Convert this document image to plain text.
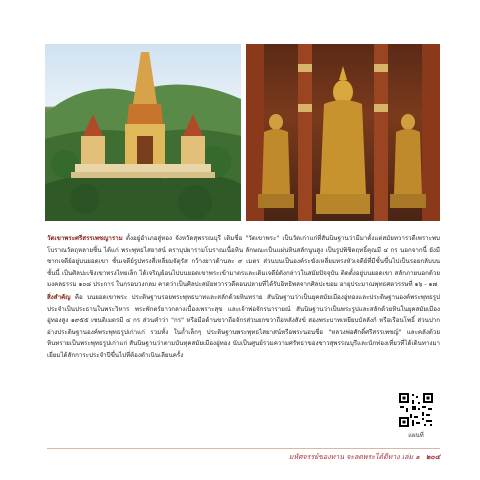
วัดเขาพระศรีสรรเพชญาราม ตั้งอยู่อำเภอสู่ทอง จังหวัดสุพรรณบุรี เดิมชื่อ "วัดเขาพระ" เป็นวัดเก่าแก่ที่สันนิษฐานว่ามีมาตั้งแต่สมัยทวารวดีเพราะพบโบราณวัตถุหลายชิ้น ได้แก่ พระพุทธไสยาสน์ ตราบุปผารามโบราณเนื้อหิน ลักษณะเป็นแผ่นหินสลักนูนสูง เป็นรูปพิชิตฤทธิ์คุณมี ๔ กร นอกจากนี้ ยังมีซากเจดีย์อยู่บนยอดเขา ชั้นเจดีย์รูปทรงสี่เหลี่ยมจัตุรัส กว้างยาวด้านละ ๙ เมตร ส่วนบนเป็นองค์ระฆังเหลี่ยมทรงหัวเจดีย์ที่มีชั้นขึ้นไปเป็นรอยกลับบนชั้นนี้ เป็นศิลปะเชิงเขาทรงไทยเล็ก ได้เจริญย้อนไปบนยอดเขาพระเข้ามาตรและเดิมเจดีย์ดังกล่าวในสมัยปัจจุบัน ติดตั้งอยู่บนยอดเขา สลักภายนอกด้วยมงคลธรรม ๑๐๘ ประการ ในกรอบวงกลม คาดว่าเป็นศิลปะสมัยทวารวดีตอนปลายที่ได้รับอิทธิพลจากศิลปะขอม อายุประมาณพุทธศตวรรษที่ ๑๖ - ๑๗
สิ่งสำคัญ คือ บนยอดเขาพระ ประดิษฐานรอยพระพุทธบาทและสลักด้วยหินทราย สันนิษฐานว่าเป็นยุคสมัยเมืองอู่ทองและประดิษฐานองค์พระพุทธรูปประจำเป็นประธานในพระวิหาร พระพักตร์ยาวกลางเบื้องเพราะสุข และเจ้าพ่อจักรนารายณ์ สันนิษฐานว่าเป็นพระรูปและสลักด้วยหินในยุคสมัยเมืองอู่ทองสูง ๑๙๕๕ เซนติเมตรมี ๔ กร ส่วนคำว่า "กร" หรือมือด้านขวาถือจักรส่วนยกขวาถือหลังสังข์ สองพระบาทเหยียบบัลลังก์ หรือเรือนโพธิ์ ส่วนปากอ่างประดิษฐานองค์พระพุทธรูปเก่าแก่ รวมทั้ง ในถ้ำเล็กๆ ประดิษฐานพระพุทธไสยาสน์หรือพระนอนชื่อ "หลวงพ่อศักดิ์ศรีสรรเพชญ์" และคลังด้วยหินทรายเป็นพระพุทธรูปเก่าแก่ สันนิษฐานว่าตามบันทุคสมัยเมืองอู่ทอง นับเป็นศูนย์รวมความศรัทธาของชาวสุพรรณบุรีและนักท่องเที่ยวที่ได้เดินทางมาเยี่ยมได้สักการะประจำปีขึ้นไปที่ต้องดำเนินเลียนครั้ง
แผนที่
มหัศจรรย์ของทาน จะลดพระได้ดีทาง เล่ม ๑ ๒๐๔
